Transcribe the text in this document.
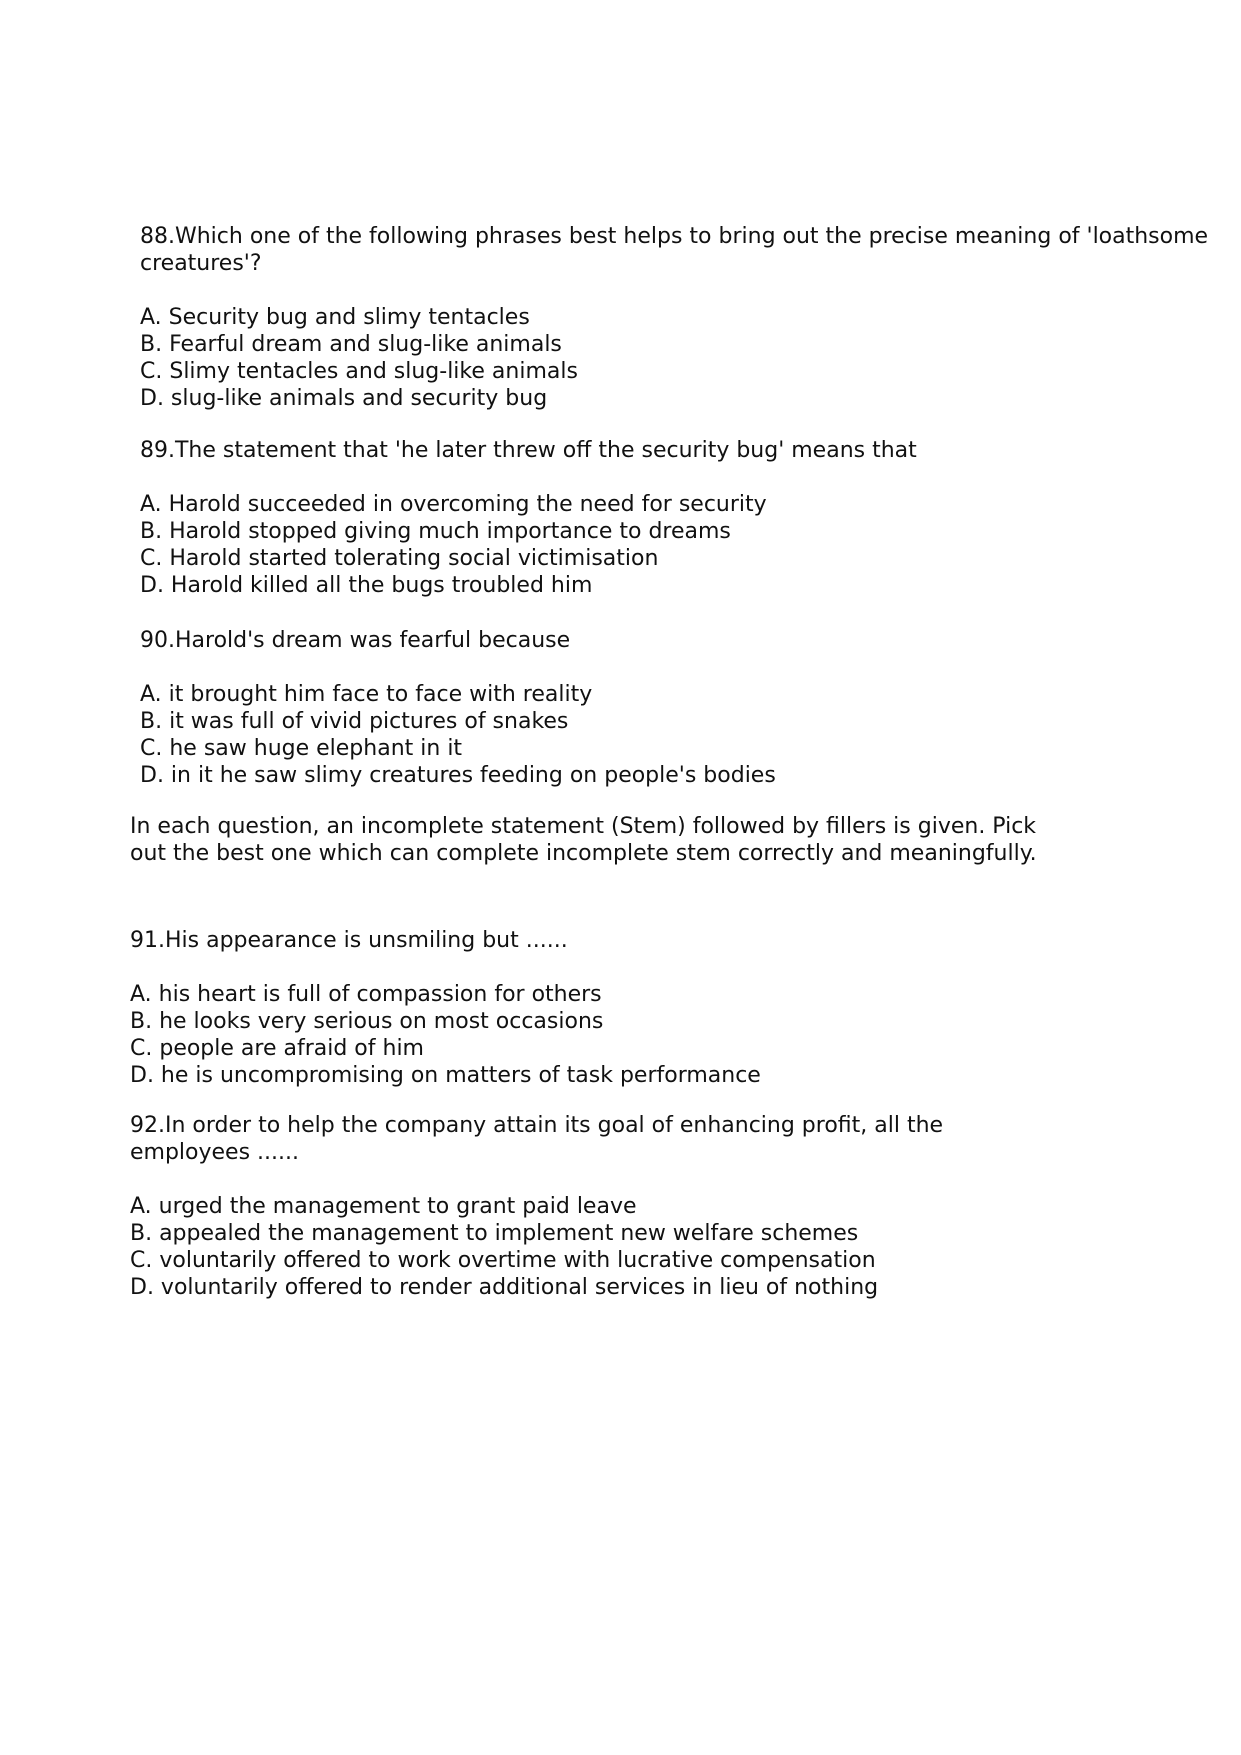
88.Which one of the following phrases best helps to bring out the precise meaning of 'loathsome
creatures'?
A. Security bug and slimy tentacles
B. Fearful dream and slug-like animals
C. Slimy tentacles and slug-like animals
D. slug-like animals and security bug
89.The statement that 'he later threw off the security bug' means that
A. Harold succeeded in overcoming the need for security
B. Harold stopped giving much importance to dreams
C. Harold started tolerating social victimisation
D. Harold killed all the bugs troubled him
90.Harold's dream was fearful because
A. it brought him face to face with reality
B. it was full of vivid pictures of snakes
C. he saw huge elephant in it
D. in it he saw slimy creatures feeding on people's bodies
In each question, an incomplete statement (Stem) followed by fillers is given. Pick
out the best one which can complete incomplete stem correctly and meaningfully.
91.His appearance is unsmiling but ......
A. his heart is full of compassion for others
B. he looks very serious on most occasions
C. people are afraid of him
D. he is uncompromising on matters of task performance
92.In order to help the company attain its goal of enhancing profit, all the
employees ......
A. urged the management to grant paid leave
B. appealed the management to implement new welfare schemes
C. voluntarily offered to work overtime with lucrative compensation
D. voluntarily offered to render additional services in lieu of nothing
